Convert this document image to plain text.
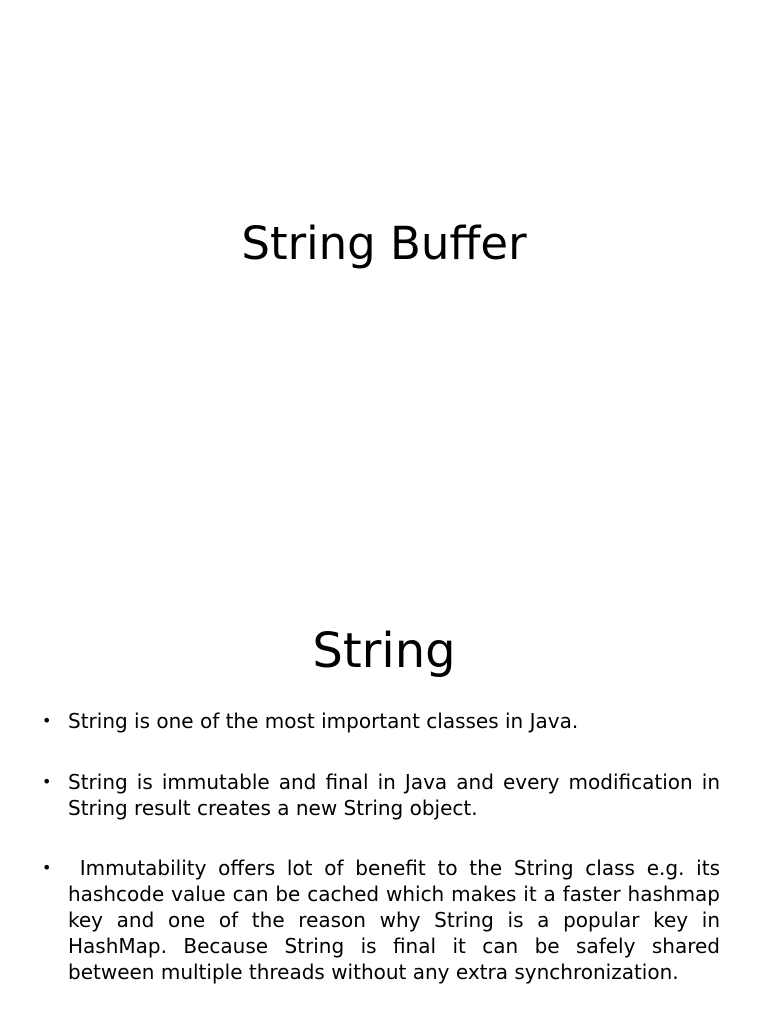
String Buffer
String
• String is one of the most important classes in Java.
• String is immutable and final in Java and every modification in String result creates a new String object.
• Immutability offers lot of benefit to the String class e.g. its hashcode value can be cached which makes it a faster hashmap key and one of the reason why String is a popular key in HashMap. Because String is final it can be safely shared between multiple threads without any extra synchronization.
